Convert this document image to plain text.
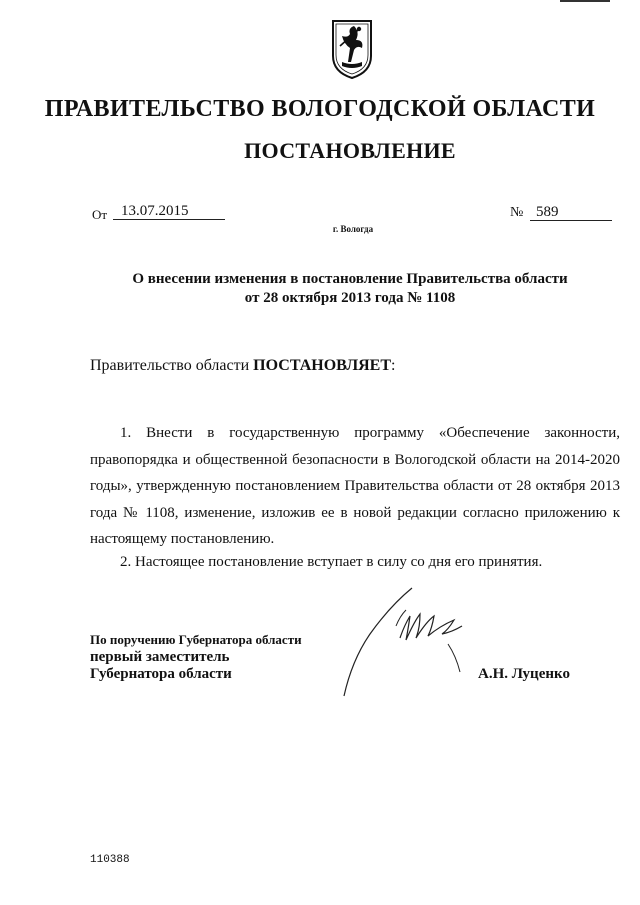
ПРАВИТЕЛЬСТВО ВОЛОГОДСКОЙ ОБЛАСТИ
ПОСТАНОВЛЕНИЕ
От 13.07.2015	№ 589
г. Вологда
О внесении изменения в постановление Правительства области
от 28 октября 2013 года № 1108
Правительство области ПОСТАНОВЛЯЕТ:
1. Внести в государственную программу «Обеспечение законности, правопорядка и общественной безопасности в Вологодской области на 2014-2020 годы», утвержденную постановлением Правительства области от 28 октября 2013 года № 1108, изменение, изложив ее в новой редакции согласно приложению к настоящему постановлению.
2. Настоящее постановление вступает в силу со дня его принятия.
По поручению Губернатора области
первый заместитель
Губернатора области	А.Н. Луценко
110388
